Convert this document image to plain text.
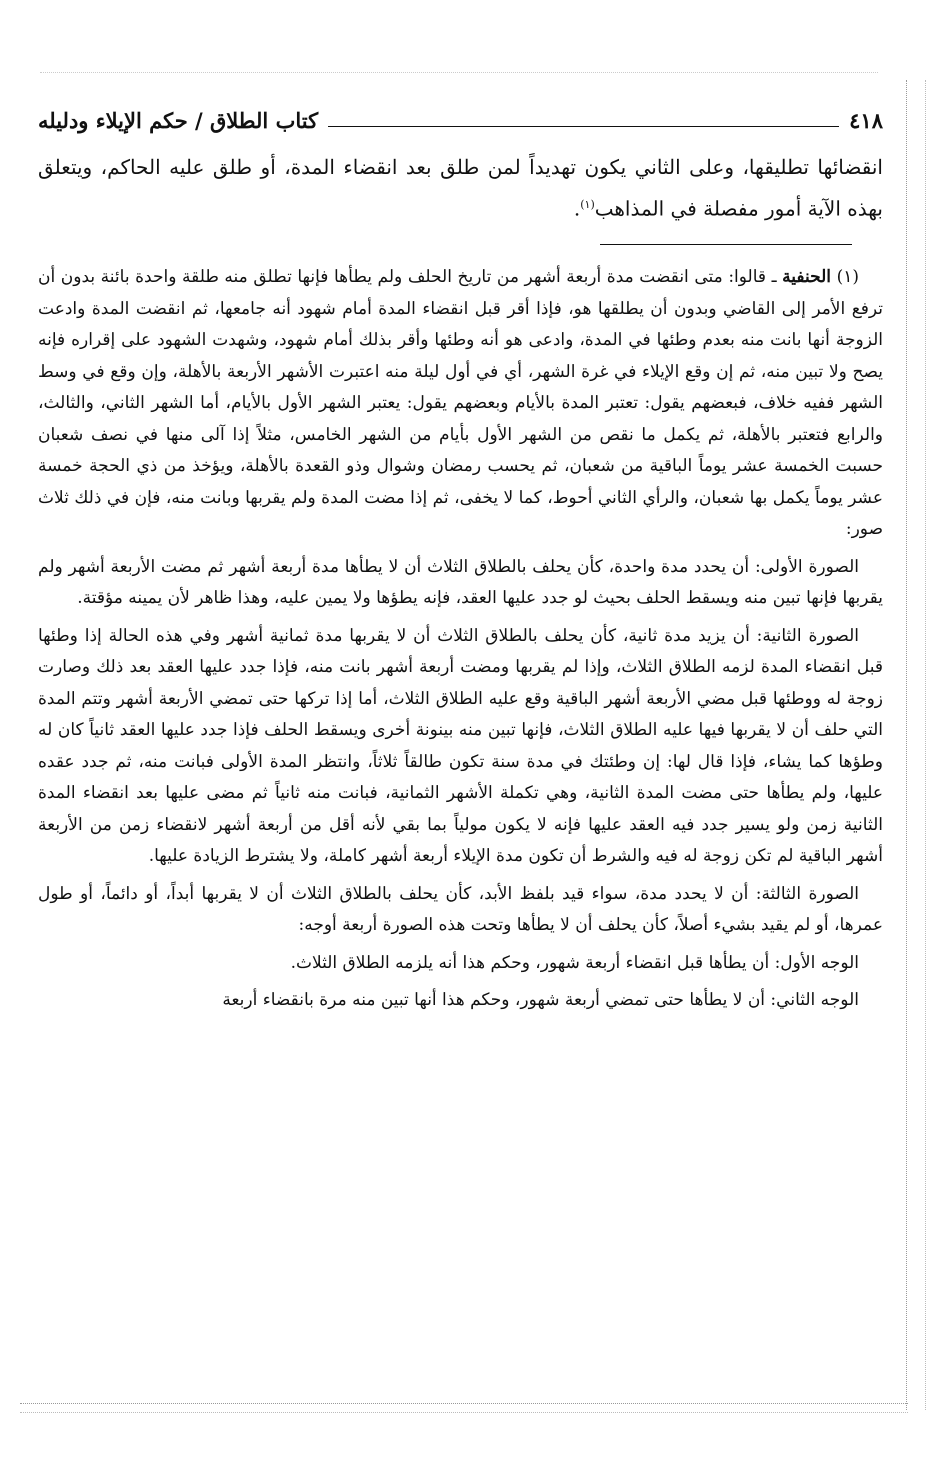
٤١٨
كتاب الطلاق / حكم الإيلاء ودليله

انقضائها تطليقها، وعلى الثاني يكون تهديداً لمن طلق بعد انقضاء المدة، أو طلق عليه الحاكم، ويتعلق بهذه الآية أمور مفصلة في المذاهب$^{(١)}$.

(١) الحنفية ـ قالوا: متى انقضت مدة أربعة أشهر من تاريخ الحلف ولم يطأها فإنها تطلق منه طلقة واحدة بائنة بدون أن ترفع الأمر إلى القاضي وبدون أن يطلقها هو، فإذا أقر قبل انقضاء المدة أمام شهود أنه جامعها، ثم انقضت المدة وادعت الزوجة أنها بانت منه بعدم وطئها في المدة، وادعى هو أنه وطئها وأقر بذلك أمام شهود، وشهدت الشهود على إقراره فإنه يصح ولا تبين منه، ثم إن وقع الإيلاء في غرة الشهر، أي في أول ليلة منه اعتبرت الأشهر الأربعة بالأهلة، وإن وقع في وسط الشهر ففيه خلاف، فبعضهم يقول: تعتبر المدة بالأيام وبعضهم يقول: يعتبر الشهر الأول بالأيام، أما الشهر الثاني، والثالث، والرابع فتعتبر بالأهلة، ثم يكمل ما نقص من الشهر الأول بأيام من الشهر الخامس، مثلاً إذا آلى منها في نصف شعبان حسبت الخمسة عشر يوماً الباقية من شعبان، ثم يحسب رمضان وشوال وذو القعدة بالأهلة، ويؤخذ من ذي الحجة خمسة عشر يوماً يكمل بها شعبان، والرأي الثاني أحوط، كما لا يخفى، ثم إذا مضت المدة ولم يقربها وبانت منه، فإن في ذلك ثلاث صور:

الصورة الأولى: أن يحدد مدة واحدة، كأن يحلف بالطلاق الثلاث أن لا يطأها مدة أربعة أشهر ثم مضت الأربعة أشهر ولم يقربها فإنها تبين منه ويسقط الحلف بحيث لو جدد عليها العقد، فإنه يطؤها ولا يمين عليه، وهذا ظاهر لأن يمينه مؤقتة.

الصورة الثانية: أن يزيد مدة ثانية، كأن يحلف بالطلاق الثلاث أن لا يقربها مدة ثمانية أشهر وفي هذه الحالة إذا وطئها قبل انقضاء المدة لزمه الطلاق الثلاث، وإذا لم يقربها ومضت أربعة أشهر بانت منه، فإذا جدد عليها العقد بعد ذلك وصارت زوجة له ووطئها قبل مضي الأربعة أشهر الباقية وقع عليه الطلاق الثلاث، أما إذا تركها حتى تمضي الأربعة أشهر وتتم المدة التي حلف أن لا يقربها فيها عليه الطلاق الثلاث، فإنها تبين منه بينونة أخرى ويسقط الحلف فإذا جدد عليها العقد ثانياً كان له وطؤها كما يشاء، فإذا قال لها: إن وطئتك في مدة سنة تكون طالقاً ثلاثاً، وانتظر المدة الأولى فبانت منه، ثم جدد عقده عليها، ولم يطأها حتى مضت المدة الثانية، وهي تكملة الأشهر الثمانية، فبانت منه ثانياً ثم مضى عليها بعد انقضاء المدة الثانية زمن ولو يسير جدد فيه العقد عليها فإنه لا يكون مولياً بما بقي لأنه أقل من أربعة أشهر لانقضاء زمن من الأربعة أشهر الباقية لم تكن زوجة له فيه والشرط أن تكون مدة الإيلاء أربعة أشهر كاملة، ولا يشترط الزيادة عليها.

الصورة الثالثة: أن لا يحدد مدة، سواء قيد بلفظ الأبد، كأن يحلف بالطلاق الثلاث أن لا يقربها أبداً، أو دائماً، أو طول عمرها، أو لم يقيد بشيء أصلاً، كأن يحلف أن لا يطأها وتحت هذه الصورة أربعة أوجه:

الوجه الأول: أن يطأها قبل انقضاء أربعة شهور، وحكم هذا أنه يلزمه الطلاق الثلاث.

الوجه الثاني: أن لا يطأها حتى تمضي أربعة شهور، وحكم هذا أنها تبين منه مرة بانقضاء أربعة
